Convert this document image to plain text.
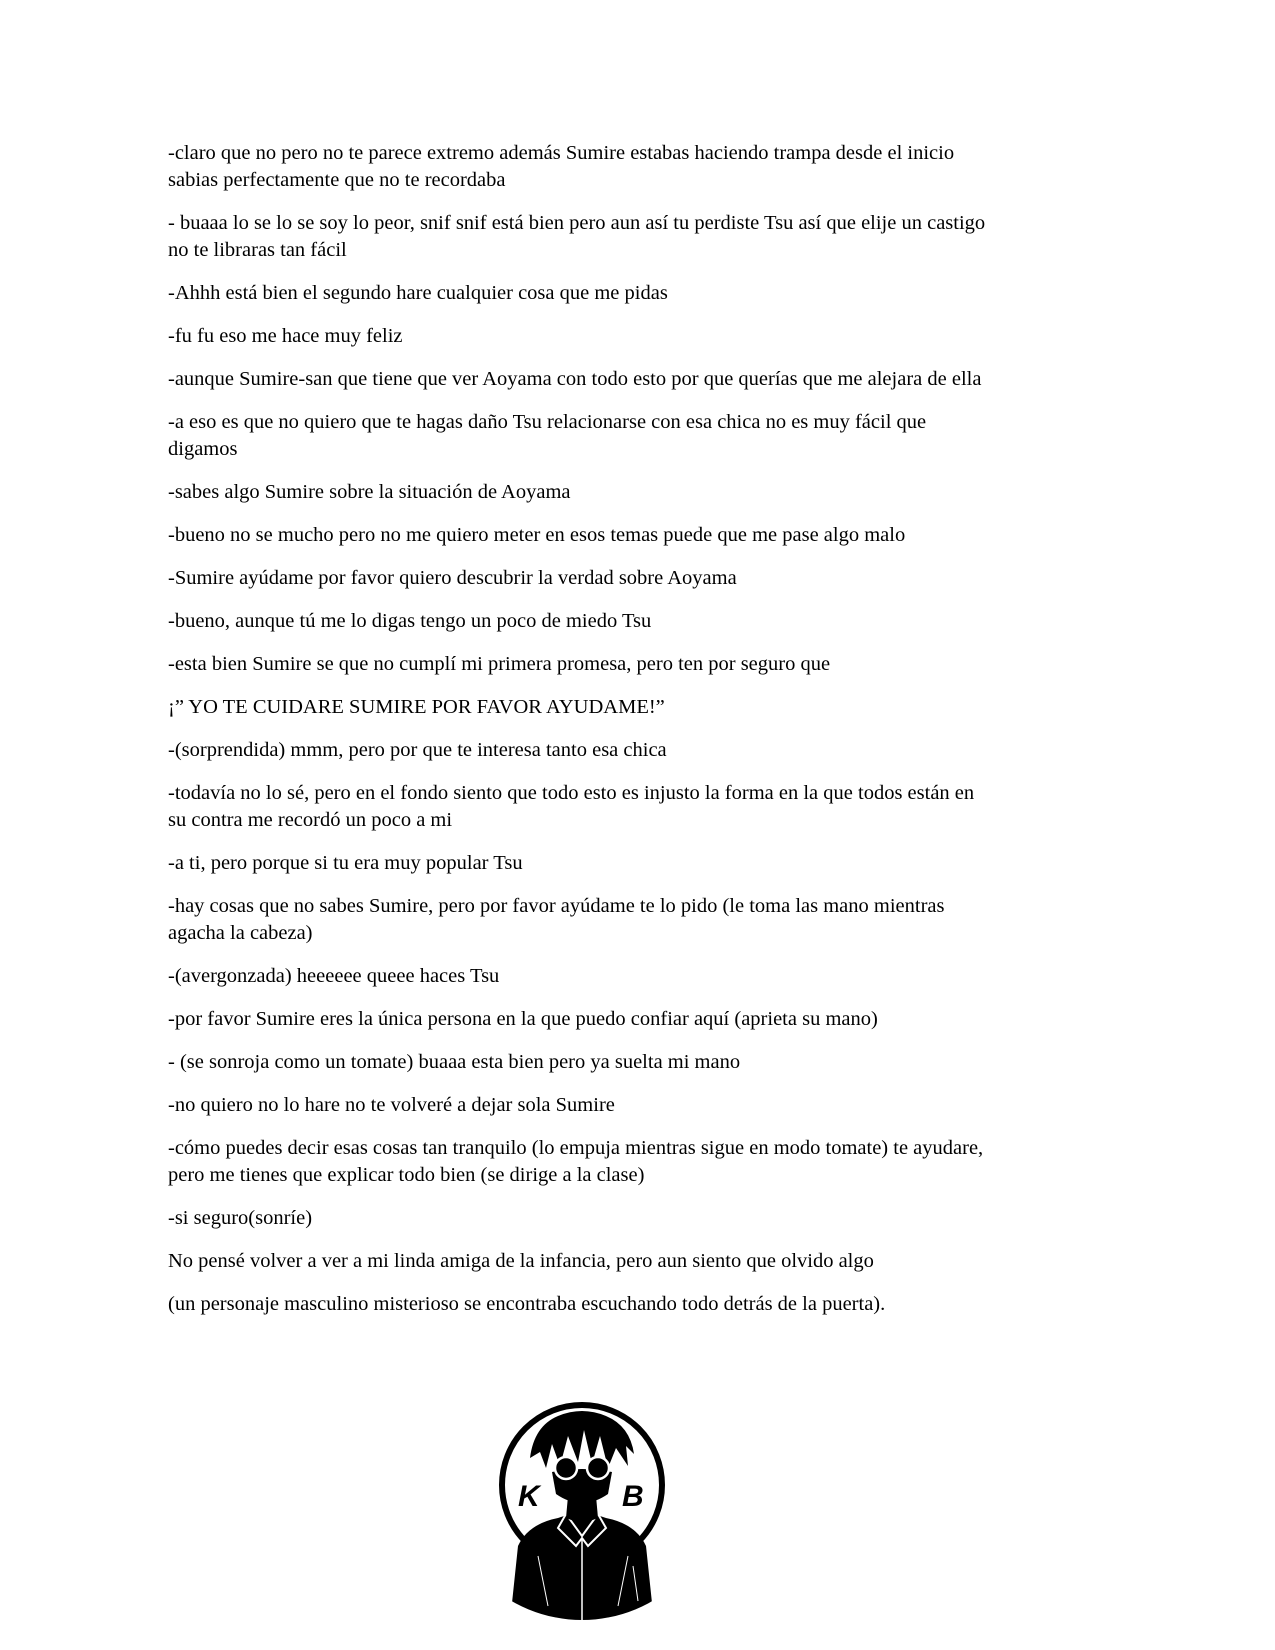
-claro que no pero no te parece extremo además Sumire estabas haciendo trampa desde el inicio
sabias perfectamente que no te recordaba

- buaaa lo se lo se soy lo peor, snif snif está bien pero aun así tu perdiste Tsu así que elije un castigo
no te libraras tan fácil

-Ahhh está bien el segundo hare cualquier cosa que me pidas

-fu fu eso me hace muy feliz

-aunque Sumire-san que tiene que ver Aoyama con todo esto por que querías que me alejara de ella

-a eso es que no quiero que te hagas daño Tsu relacionarse con esa chica no es muy fácil que
digamos

-sabes algo Sumire sobre la situación de Aoyama

-bueno no se mucho pero no me quiero meter en esos temas puede que me pase algo malo

-Sumire ayúdame por favor quiero descubrir la verdad sobre Aoyama

-bueno, aunque tú me lo digas tengo un poco de miedo Tsu

-esta bien Sumire se que no cumplí mi primera promesa, pero ten por seguro que

¡” YO TE CUIDARE SUMIRE POR FAVOR AYUDAME!”

-(sorprendida) mmm, pero por que te interesa tanto esa chica

-todavía no lo sé, pero en el fondo siento que todo esto es injusto la forma en la que todos están en
su contra me recordó un poco a mi

-a ti, pero porque si tu era muy popular Tsu

-hay cosas que no sabes Sumire, pero por favor ayúdame te lo pido (le toma las mano mientras
agacha la cabeza)

-(avergonzada) heeeeee queee haces Tsu

-por favor Sumire eres la única persona en la que puedo confiar aquí (aprieta su mano)

- (se sonroja como un tomate) buaaa esta bien pero ya suelta mi mano

-no quiero no lo hare no te volveré a dejar sola Sumire

-cómo puedes decir esas cosas tan tranquilo (lo empuja mientras sigue en modo tomate) te ayudare,
pero me tienes que explicar todo bien (se dirige a la clase)

-si seguro(sonríe)

No pensé volver a ver a mi linda amiga de la infancia, pero aun siento que olvido algo

(un personaje masculino misterioso se encontraba escuchando todo detrás de la puerta).

K	B
